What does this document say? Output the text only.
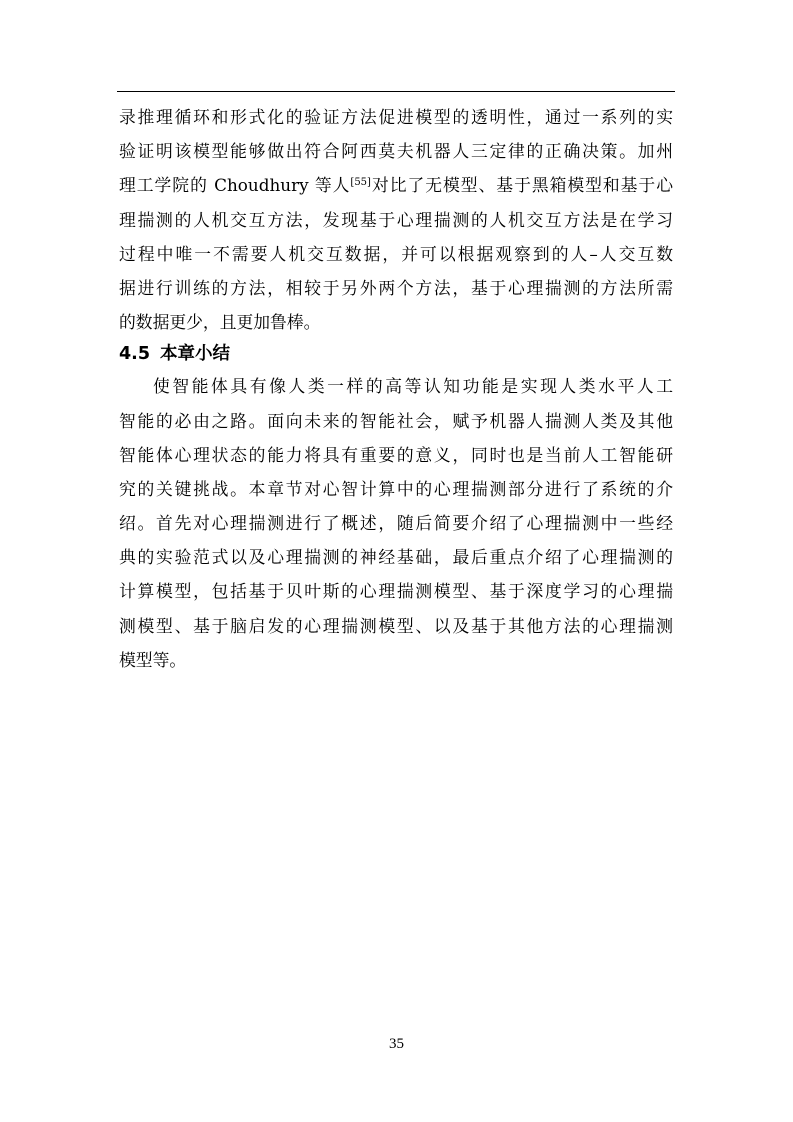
录推理循环和形式化的验证方法促进模型的透明性，通过一系列的实
验证明该模型能够做出符合阿西莫夫机器人三定律的正确决策。加州
理工学院的 Choudhury 等人[55]对比了无模型、基于黑箱模型和基于心
理揣测的人机交互方法，发现基于心理揣测的人机交互方法是在学习
过程中唯一不需要人机交互数据，并可以根据观察到的人–人交互数
据进行训练的方法，相较于另外两个方法，基于心理揣测的方法所需
的数据更少，且更加鲁棒。
4.5 本章小结
使智能体具有像人类一样的高等认知功能是实现人类水平人工
智能的必由之路。面向未来的智能社会，赋予机器人揣测人类及其他
智能体心理状态的能力将具有重要的意义，同时也是当前人工智能研
究的关键挑战。本章节对心智计算中的心理揣测部分进行了系统的介
绍。首先对心理揣测进行了概述，随后简要介绍了心理揣测中一些经
典的实验范式以及心理揣测的神经基础，最后重点介绍了心理揣测的
计算模型，包括基于贝叶斯的心理揣测模型、基于深度学习的心理揣
测模型、基于脑启发的心理揣测模型、以及基于其他方法的心理揣测
模型等。
35
